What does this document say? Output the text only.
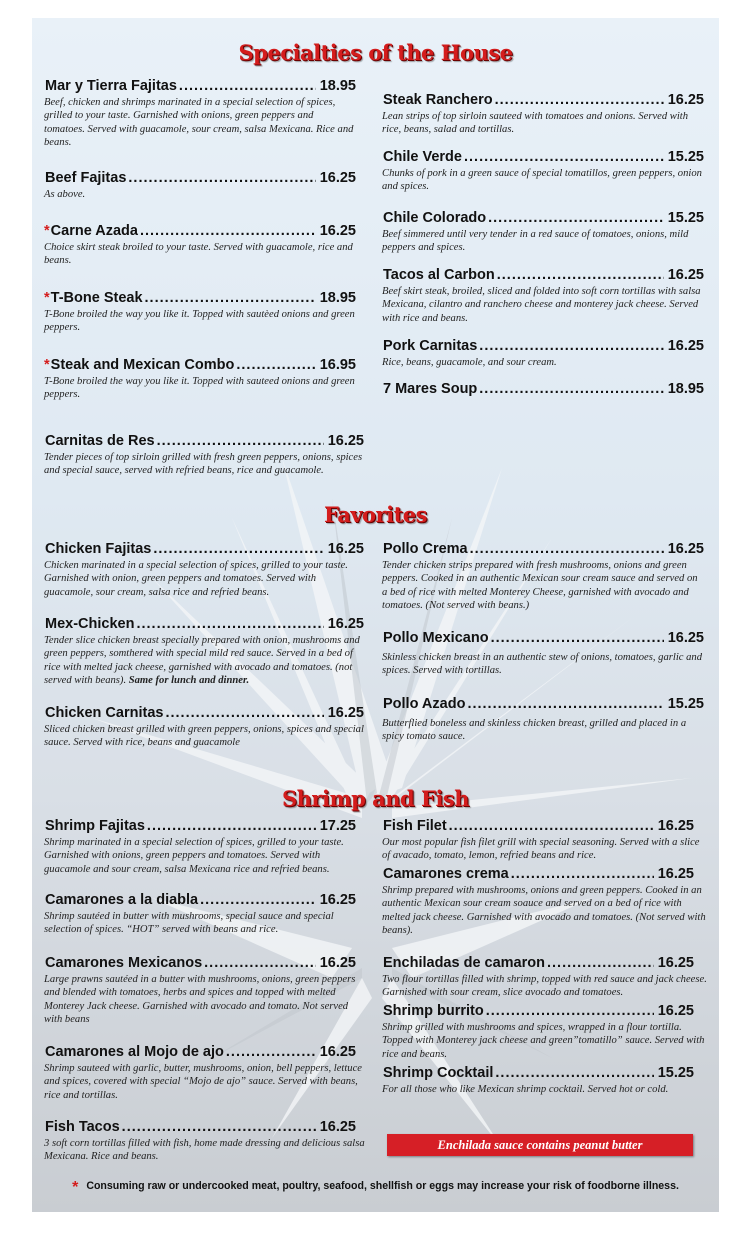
Specialties of the House
Favorites
Shrimp and Fish
Mar y Tierra Fajitas .....	18.95
Beef, chicken and shrimps marinated in a special selection of spices, grilled to your taste. Garnished with onions, green peppers and tomatoes. Served with guacamole, sour cream, salsa Mexicana. Rice and beans.
Beef Fajitas .....	16.25
As above.
* Carne Azada .....	16.25
Choice skirt steak broiled to your taste. Served with guacamole, rice and beans.
* T-Bone Steak .....	18.95
T-Bone broiled the way you like it. Topped with sautèed onions and green peppers.
* Steak and Mexican Combo .....	16.95
T-Bone broiled the way you like it. Topped with sauteed onions and green peppers.
Carnitas de Res .....	16.25
Tender pieces of top sirloin grilled with fresh green peppers, onions, spices and special sauce, served with refried beans, rice and guacamole.
Steak Ranchero .....	16.25
Lean strips of top sirloin sauteed with tomatoes and onions. Served with rice, beans, salad and tortillas.
Chile Verde .....	15.25
Chunks of pork in a green sauce of special tomatillos, green peppers, onion and spices.
Chile Colorado .....	15.25
Beef simmered until very tender in a red sauce of tomatoes, onions, mild peppers and spices.
Tacos al Carbon .....	16.25
Beef skirt steak, broiled, sliced and folded into soft corn tortillas with salsa Mexicana, cilantro and ranchero cheese and monterey jack cheese. Served with rice and beans.
Pork Carnitas .....	16.25
Rice, beans, guacamole, and sour cream.
7 Mares Soup .....	18.95
Chicken Fajitas .....	16.25
Chicken marinated in a special selection of spices, grilled to your taste. Garnished with onion, green peppers and tomatoes. Served with guacamole, sour cream, salsa rice and refried beans.
Mex-Chicken .....	16.25
Tender slice chicken breast specially prepared with onion, mushrooms and green peppers, somthered with special mild red sauce. Served in a bed of rice with melted jack cheese, garnished with avocado and tomatoes. (not served with beans). Same for lunch and dinner.
Chicken Carnitas .....	16.25
Sliced chicken breast grilled with green peppers, onions, spices and special sauce. Served with rice, beans and guacamole
Pollo Crema .....	16.25
Tender chicken strips prepared with fresh mushrooms, onions and green peppers. Cooked in an authentic Mexican sour cream sauce and served on a bed of rice with melted Monterey Cheese, garnished with avocado and tomatoes. (Not served with beans.)
Pollo Mexicano .....	16.25
Skinless chicken breast in an authentic stew of onions, tomatoes, garlic and spices. Served with tortillas.
Pollo Azado .....	15.25
Butterflied boneless and skinless chicken breast, grilled and placed in a spicy tomato sauce.
Shrimp Fajitas .....	17.25
Shrimp marinated in a special selection of spices, grilled to your taste. Garnished with onions, green peppers and tomatoes. Served with guacamole and sour cream, salsa Mexicana rice and refried beans.
Camarones a la diabla .....	16.25
Shrimp sautéed in butter with mushrooms, special sauce and special selection of spices. “HOT” served with beans and rice.
Camarones Mexicanos .....	16.25
Large prawns sautéed in a butter with mushrooms, onions, green peppers and blended with tomatoes, herbs and spices and topped with melted Monterey Jack cheese. Garnished with avocado and tomato. Not served with beans
Camarones al Mojo de ajo .....	16.25
Shrimp sauteed with garlic, butter, mushrooms, onion, bell peppers, lettuce and spices, covered with special “Mojo de ajo” sauce. Served with beans, rice and tortillas.
Fish Tacos .....	16.25
3 soft corn tortillas filled with fish, home made dressing and delicious salsa Mexicana. Rice and beans.
Fish Filet .....	16.25
Our most popular fish filet grill with special seasoning. Served with a slice of avacado, tomato, lemon, refried beans and rice.
Camarones crema .....	16.25
Shrimp prepared with mushrooms, onions and green peppers. Cooked in an authentic Mexican sour cream soauce and served on a bed of rice with melted jack cheese. Garnished with avocado and tomatoes. (Not served with beans).
Enchiladas de camaron .....	16.25
Two flour tortillas filled with shrimp, topped with red sauce and jack cheese. Garnished with sour cream, slice avocado and tomatoes.
Shrimp burrito .....	16.25
Shrimp grilled with mushrooms and spices, wrapped in a flour tortilla. Topped with Monterey jack cheese and green”tomatillo” sauce. Served with rice and beans.
Shrimp Cocktail .....	15.25
For all those who like Mexican shrimp cocktail. Served hot or cold.
Enchilada sauce contains peanut butter
* Consuming raw or undercooked meat, poultry, seafood, shellfish or eggs may increase your risk of foodborne illness.
